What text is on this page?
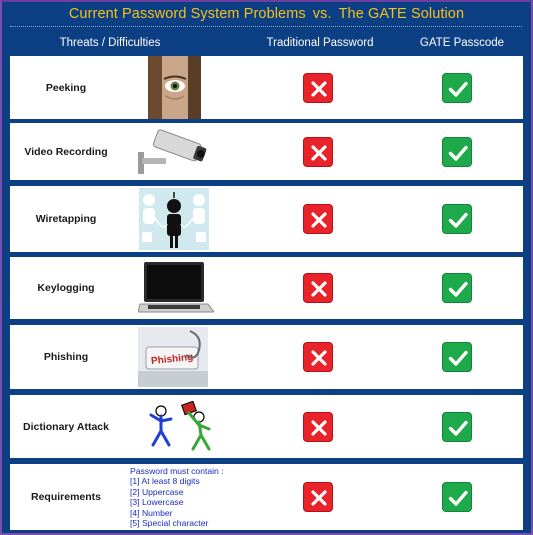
Current Password System Problems vs. The GATE Solution
Threats / Difficulties	Traditional Password	GATE Passcode
Peeking
Video Recording
Wiretapping
Keylogging
Phishing	Phishing
Dictionary Attack
Requirements
Password must contain :
[1] At least 8 digits
[2] Uppercase
[3] Lowercase
[4] Number
[5] Special character
